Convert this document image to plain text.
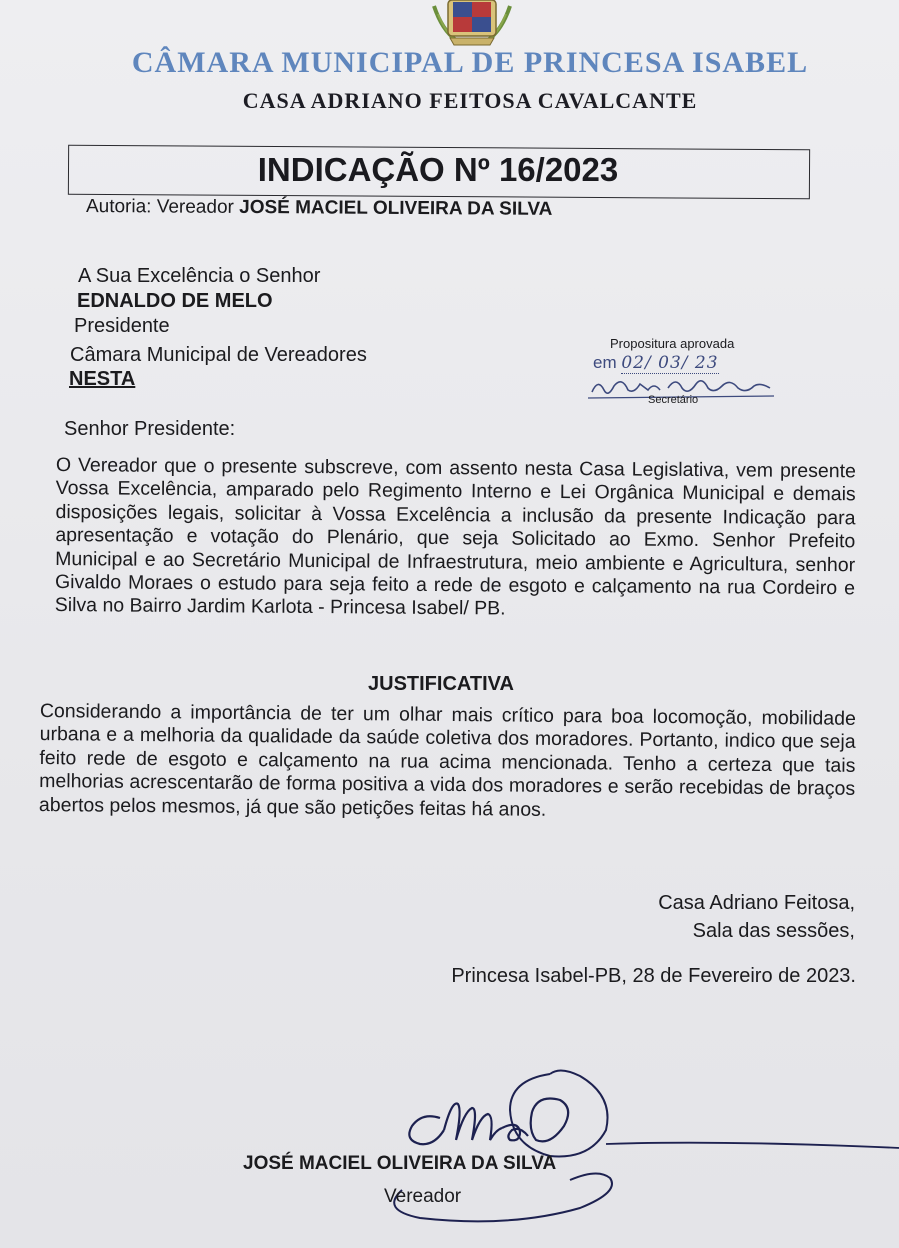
CÂMARA MUNICIPAL DE PRINCESA ISABEL
CASA ADRIANO FEITOSA CAVALCANTE
INDICAÇÃO Nº 16/2023
Autoria: Vereador JOSÉ MACIEL OLIVEIRA DA SILVA
A Sua Excelência o Senhor
EDNALDO DE MELO
Presidente
Câmara Municipal de Vereadores
NESTA
Propositura aprovada
em 02/ 03/ 23
Secretário
Senhor Presidente:
O Vereador que o presente subscreve, com assento nesta Casa Legislativa, vem presente Vossa Excelência, amparado pelo Regimento Interno e Lei Orgânica Municipal e demais disposições legais, solicitar à Vossa Excelência a inclusão da presente Indicação para apresentação e votação do Plenário, que seja Solicitado ao Exmo. Senhor Prefeito Municipal e ao Secretário Municipal de Infraestrutura, meio ambiente e Agricultura, senhor Givaldo Moraes o estudo para seja feito a rede de esgoto e calçamento na rua Cordeiro e Silva no Bairro Jardim Karlota - Princesa Isabel/ PB.
JUSTIFICATIVA
Considerando a importância de ter um olhar mais crítico para boa locomoção, mobilidade urbana e a melhoria da qualidade da saúde coletiva dos moradores. Portanto, indico que seja feito rede de esgoto e calçamento na rua acima mencionada. Tenho a certeza que tais melhorias acrescentarão de forma positiva a vida dos moradores e serão recebidas de braços abertos pelos mesmos, já que são petições feitas há anos.
Casa Adriano Feitosa,
Sala das sessões,
Princesa Isabel-PB, 28 de Fevereiro de 2023.
JOSÉ MACIEL OLIVEIRA DA SILVA
Vereador
